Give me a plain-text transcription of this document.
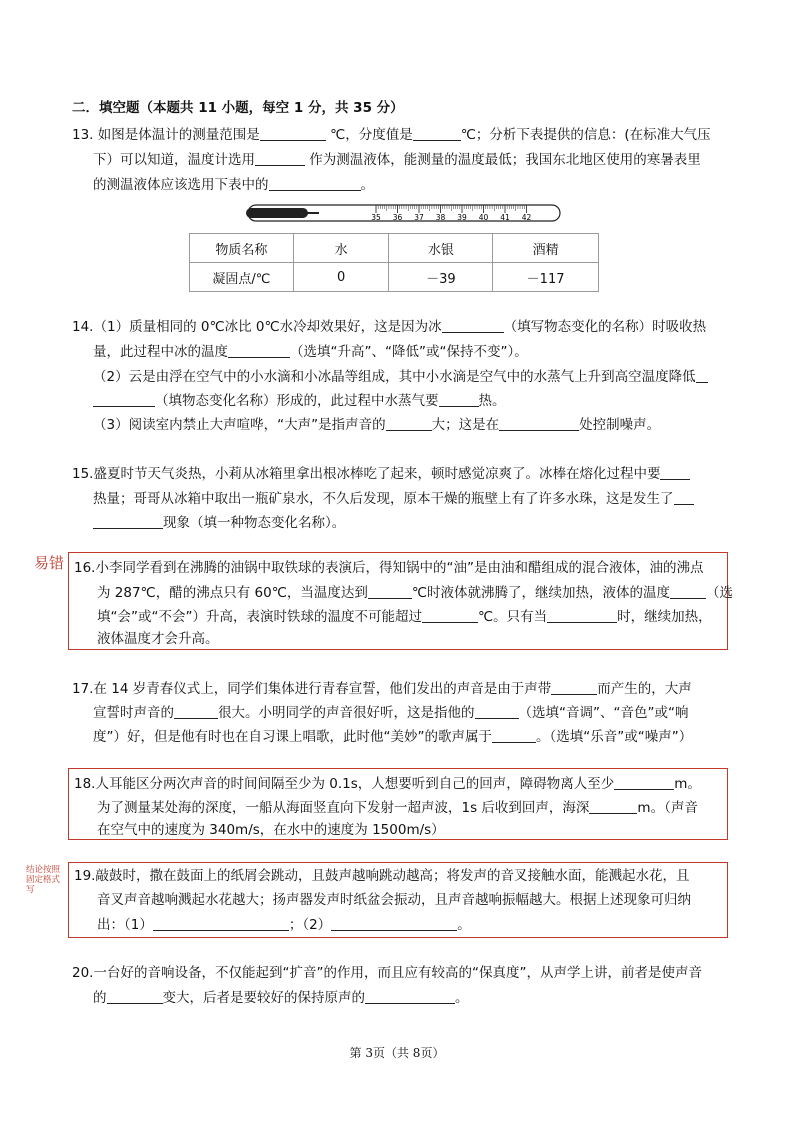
二．填空题（本题共 11 小题，每空 1 分，共 35 分）
13. 如图是体温计的测量范围是	℃，分度值是	℃；分析下表提供的信息：(在标准大气压
下）可以知道，温度计选用	作为测温液体，能测量的温度最低；我国东北地区使用的寒暑表里
的测温液体应该选用下表中的	。
35 36 37 38 39 40 41 42
物质名称	水	水银	酒精
凝固点/℃	0	－39	－117
14.（1）质量相同的 0℃冰比 0℃水冷却效果好，这是因为冰	（填写物态变化的名称）时吸收热
量，此过程中冰的温度	（选填“升高”、“降低”或“保持不变”）。
（2）云是由浮在空气中的小水滴和小冰晶等组成，其中小水滴是空气中的水蒸气上升到高空温度降低
（填物态变化名称）形成的，此过程中水蒸气要	热。
（3）阅读室内禁止大声喧哗，“大声”是指声音的	大；这是在	处控制噪声。
15.盛夏时节天气炎热，小莉从冰箱里拿出根冰棒吃了起来，顿时感觉凉爽了。冰棒在熔化过程中要
热量；哥哥从冰箱中取出一瓶矿泉水，不久后发现，原本干燥的瓶壁上有了许多水珠，这是发生了
现象（填一种物态变化名称）。
易错 16.小李同学看到在沸腾的油锅中取铁球的表演后，得知锅中的“油”是由油和醋组成的混合液体，油的沸点
为 287℃，醋的沸点只有 60℃，当温度达到	℃时液体就沸腾了，继续加热，液体的温度	（选
填“会”或“不会”）升高，表演时铁球的温度不可能超过	℃。只有当	时，继续加热，
液体温度才会升高。
17.在 14 岁青春仪式上，同学们集体进行青春宣誓，他们发出的声音是由于声带	而产生的，大声
宣誓时声音的	很大。小明同学的声音很好听，这是指他的	（选填“音调”、“音色”或“响
度”）好，但是他有时也在自习课上唱歌，此时他“美妙”的歌声属于	。（选填“乐音”或“噪声”）
18.人耳能区分两次声音的时间间隔至少为 0.1s，人想要听到自己的回声，障碍物离人至少	m。
为了测量某处海的深度，一船从海面竖直向下发射一超声波，1s 后收到回声，海深	m。（声音
在空气中的速度为 340m/s，在水中的速度为 1500m/s）
结论按照
固定格式
写
19.敲鼓时，撒在鼓面上的纸屑会跳动，且鼓声越响跳动越高；将发声的音叉接触水面，能溅起水花，且
音叉声音越响溅起水花越大；扬声器发声时纸盆会振动，且声音越响振幅越大。根据上述现象可归纳
出：（1）	；（2）	。
20.一台好的音响设备，不仅能起到“扩音”的作用，而且应有较高的“保真度”，从声学上讲，前者是使声音
的	变大，后者是要较好的保持原声的	。
第 3页（共 8页）
